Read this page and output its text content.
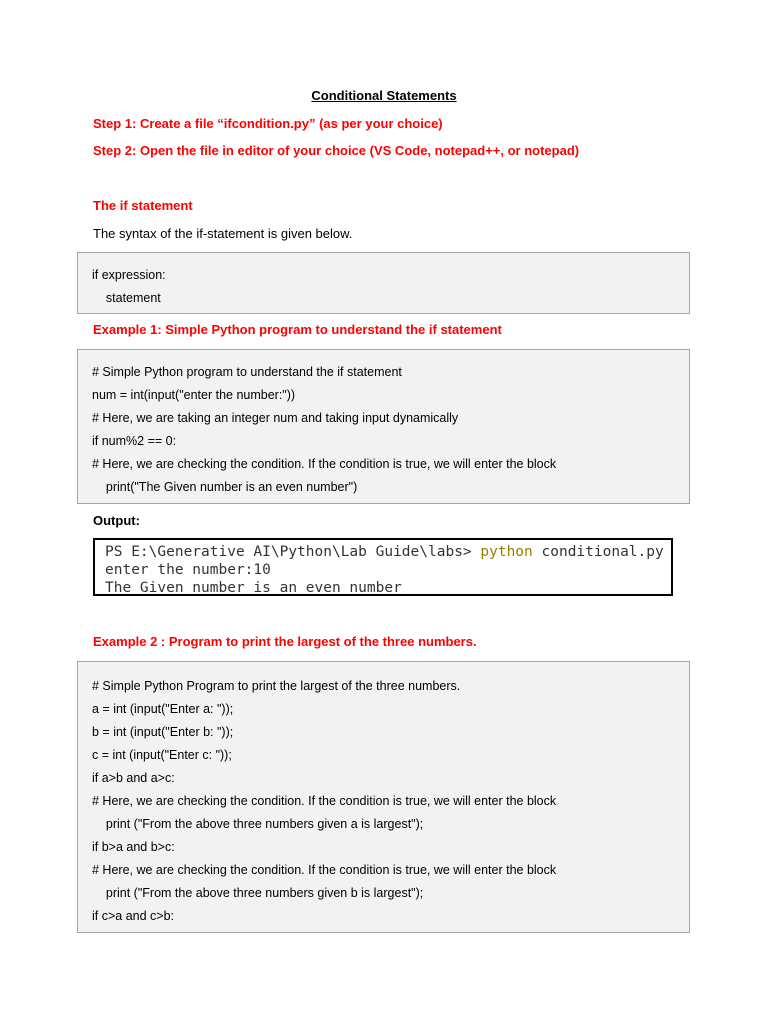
Conditional Statements
Step 1: Create a file “ifcondition.py” (as per your choice)
Step 2: Open the file in editor of your choice (VS Code, notepad++, or notepad)
The if statement
The syntax of the if-statement is given below.
if expression:
statement
Example 1: Simple Python program to understand the if statement
# Simple Python program to understand the if statement
num = int(input("enter the number:"))
# Here, we are taking an integer num and taking input dynamically
if num%2 == 0:
# Here, we are checking the condition. If the condition is true, we will enter the block
print("The Given number is an even number")
Output:
PS E:\Generative AI\Python\Lab Guide\labs> python conditional.py
enter the number:10
The Given number is an even number
Example 2 : Program to print the largest of the three numbers.
# Simple Python Program to print the largest of the three numbers.
a = int (input("Enter a: "));
b = int (input("Enter b: "));
c = int (input("Enter c: "));
if a>b and a>c:
# Here, we are checking the condition. If the condition is true, we will enter the block
print ("From the above three numbers given a is largest");
if b>a and b>c:
# Here, we are checking the condition. If the condition is true, we will enter the block
print ("From the above three numbers given b is largest");
if c>a and c>b:
